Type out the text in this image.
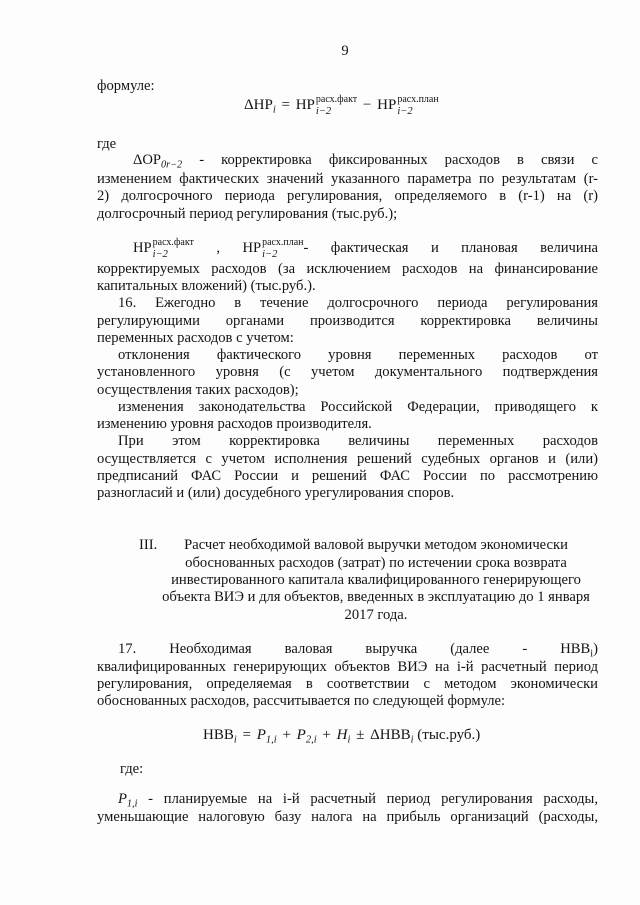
9
формуле:
$\Delta НР_i$ = НР расх.факт
i−2	− НР расх.план
i−2
где
$\Delta ОР_{0r-2}$ - корректировка фиксированных расходов в связи с
изменением фактических значений указанного параметра по результатам (r-
2) долгосрочного периода регулирования, определяемого в (r-1) на (r)
долгосрочный период регулирования (тыс.руб.);
НР расх.факт
i−2	, НР расх.план
i−2	- фактическая и плановая величина
корректируемых расходов (за исключением расходов на финансирование
капитальных вложений) (тыс.руб.).
16. Ежегодно в течение долгосрочного периода регулирования
регулирующими органами производится корректировка величины
переменных расходов с учетом:
отклонения фактического уровня переменных расходов от
установленного уровня (с учетом документального подтверждения
осуществления таких расходов);
изменения законодательства Российской Федерации, приводящего к
изменению уровня расходов производителя.
При этом корректировка величины переменных расходов
осуществляется с учетом исполнения решений судебных органов и (или)
предписаний ФАС России и решений ФАС России по рассмотрению
разногласий и (или) досудебного урегулирования споров.
III.	Расчет необходимой валовой выручки методом экономически
обоснованных расходов (затрат) по истечении срока возврата
инвестированного капитала квалифицированного генерирующего
объекта ВИЭ и для объектов, введенных в эксплуатацию до 1 января
2017 года.
17. Необходимая валовая выручка (далее - $НВВ_i$)
квалифицированных генерирующих объектов ВИЭ на i-й расчетный период
регулирования, определяемая в соответствии с методом экономически
обоснованных расходов, рассчитывается по следующей формуле:
$НВВ_i = Р_{1,i} + Р_{2,i} + Н_i \pm \Delta НВВ_i$ (тыс.руб.)
где:
$Р_{1,i}$ - планируемые на i-й расчетный период регулирования расходы,
уменьшающие налоговую базу налога на прибыль организаций (расходы,
